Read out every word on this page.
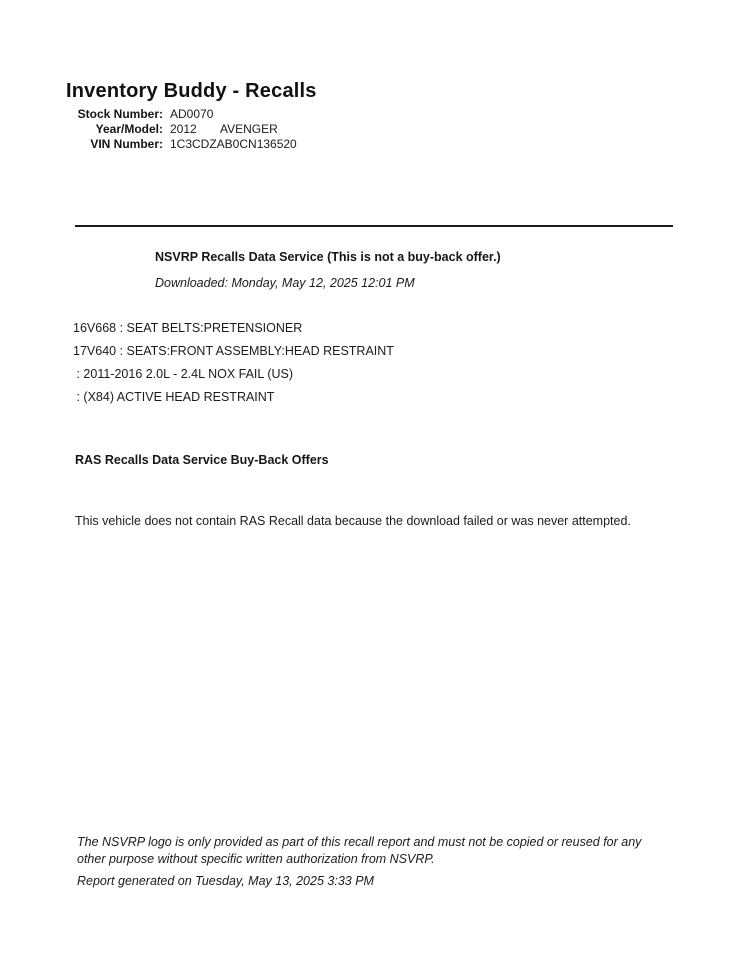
Inventory Buddy - Recalls
Stock Number: AD0070
Year/Model: 2012	AVENGER
VIN Number: 1C3CDZAB0CN136520
NSVRP Recalls Data Service (This is not a buy-back offer.)
Downloaded: Monday, May 12, 2025 12:01 PM
16V668 : SEAT BELTS:PRETENSIONER
17V640 : SEATS:FRONT ASSEMBLY:HEAD RESTRAINT
: 2011-2016 2.0L - 2.4L NOX FAIL (US)
: (X84) ACTIVE HEAD RESTRAINT
RAS Recalls Data Service Buy-Back Offers
This vehicle does not contain RAS Recall data because the download failed or was never attempted.
The NSVRP logo is only provided as part of this recall report and must not be copied or reused for any other purpose without specific written authorization from NSVRP.
Report generated on Tuesday, May 13, 2025 3:33 PM
